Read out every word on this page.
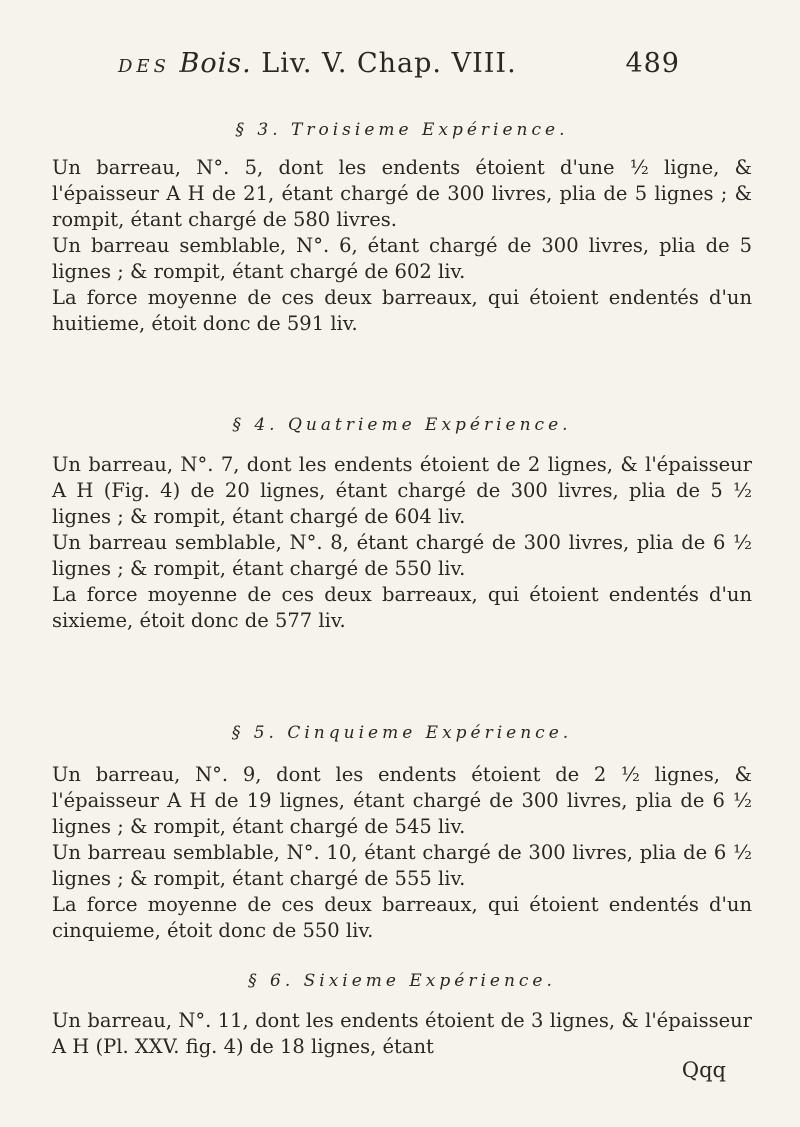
DES Bois. Liv. V. Chap. VIII.	489

§ 3. Troisieme Expérience.

Un barreau, N°. 5, dont les endents étoient d'une ½ ligne, & l'épaisseur A H de 21, étant chargé de 300 livres, plia de 5 lignes ; & rompit, étant chargé de 580 livres.

Un barreau semblable, N°. 6, étant chargé de 300 livres, plia de 5 lignes ; & rompit, étant chargé de 602 liv.

La force moyenne de ces deux barreaux, qui étoient endentés d'un huitieme, étoit donc de 591 liv.

§ 4. Quatrieme Expérience.

Un barreau, N°. 7, dont les endents étoient de 2 lignes, & l'épaisseur A H (Fig. 4) de 20 lignes, étant chargé de 300 livres, plia de 5 ½ lignes ; & rompit, étant chargé de 604 liv.

Un barreau semblable, N°. 8, étant chargé de 300 livres, plia de 6 ½ lignes ; & rompit, étant chargé de 550 liv.

La force moyenne de ces deux barreaux, qui étoient endentés d'un sixieme, étoit donc de 577 liv.

§ 5. Cinquieme Expérience.

Un barreau, N°. 9, dont les endents étoient de 2 ½ lignes, & l'épaisseur A H de 19 lignes, étant chargé de 300 livres, plia de 6 ½ lignes ; & rompit, étant chargé de 545 liv.

Un barreau semblable, N°. 10, étant chargé de 300 livres, plia de 6 ½ lignes ; & rompit, étant chargé de 555 liv.

La force moyenne de ces deux barreaux, qui étoient endentés d'un cinquieme, étoit donc de 550 liv.

§ 6. Sixieme Expérience.

Un barreau, N°. 11, dont les endents étoient de 3 lignes, & l'épaisseur A H (Pl. XXV. fig. 4) de 18 lignes, étant

Qqq
